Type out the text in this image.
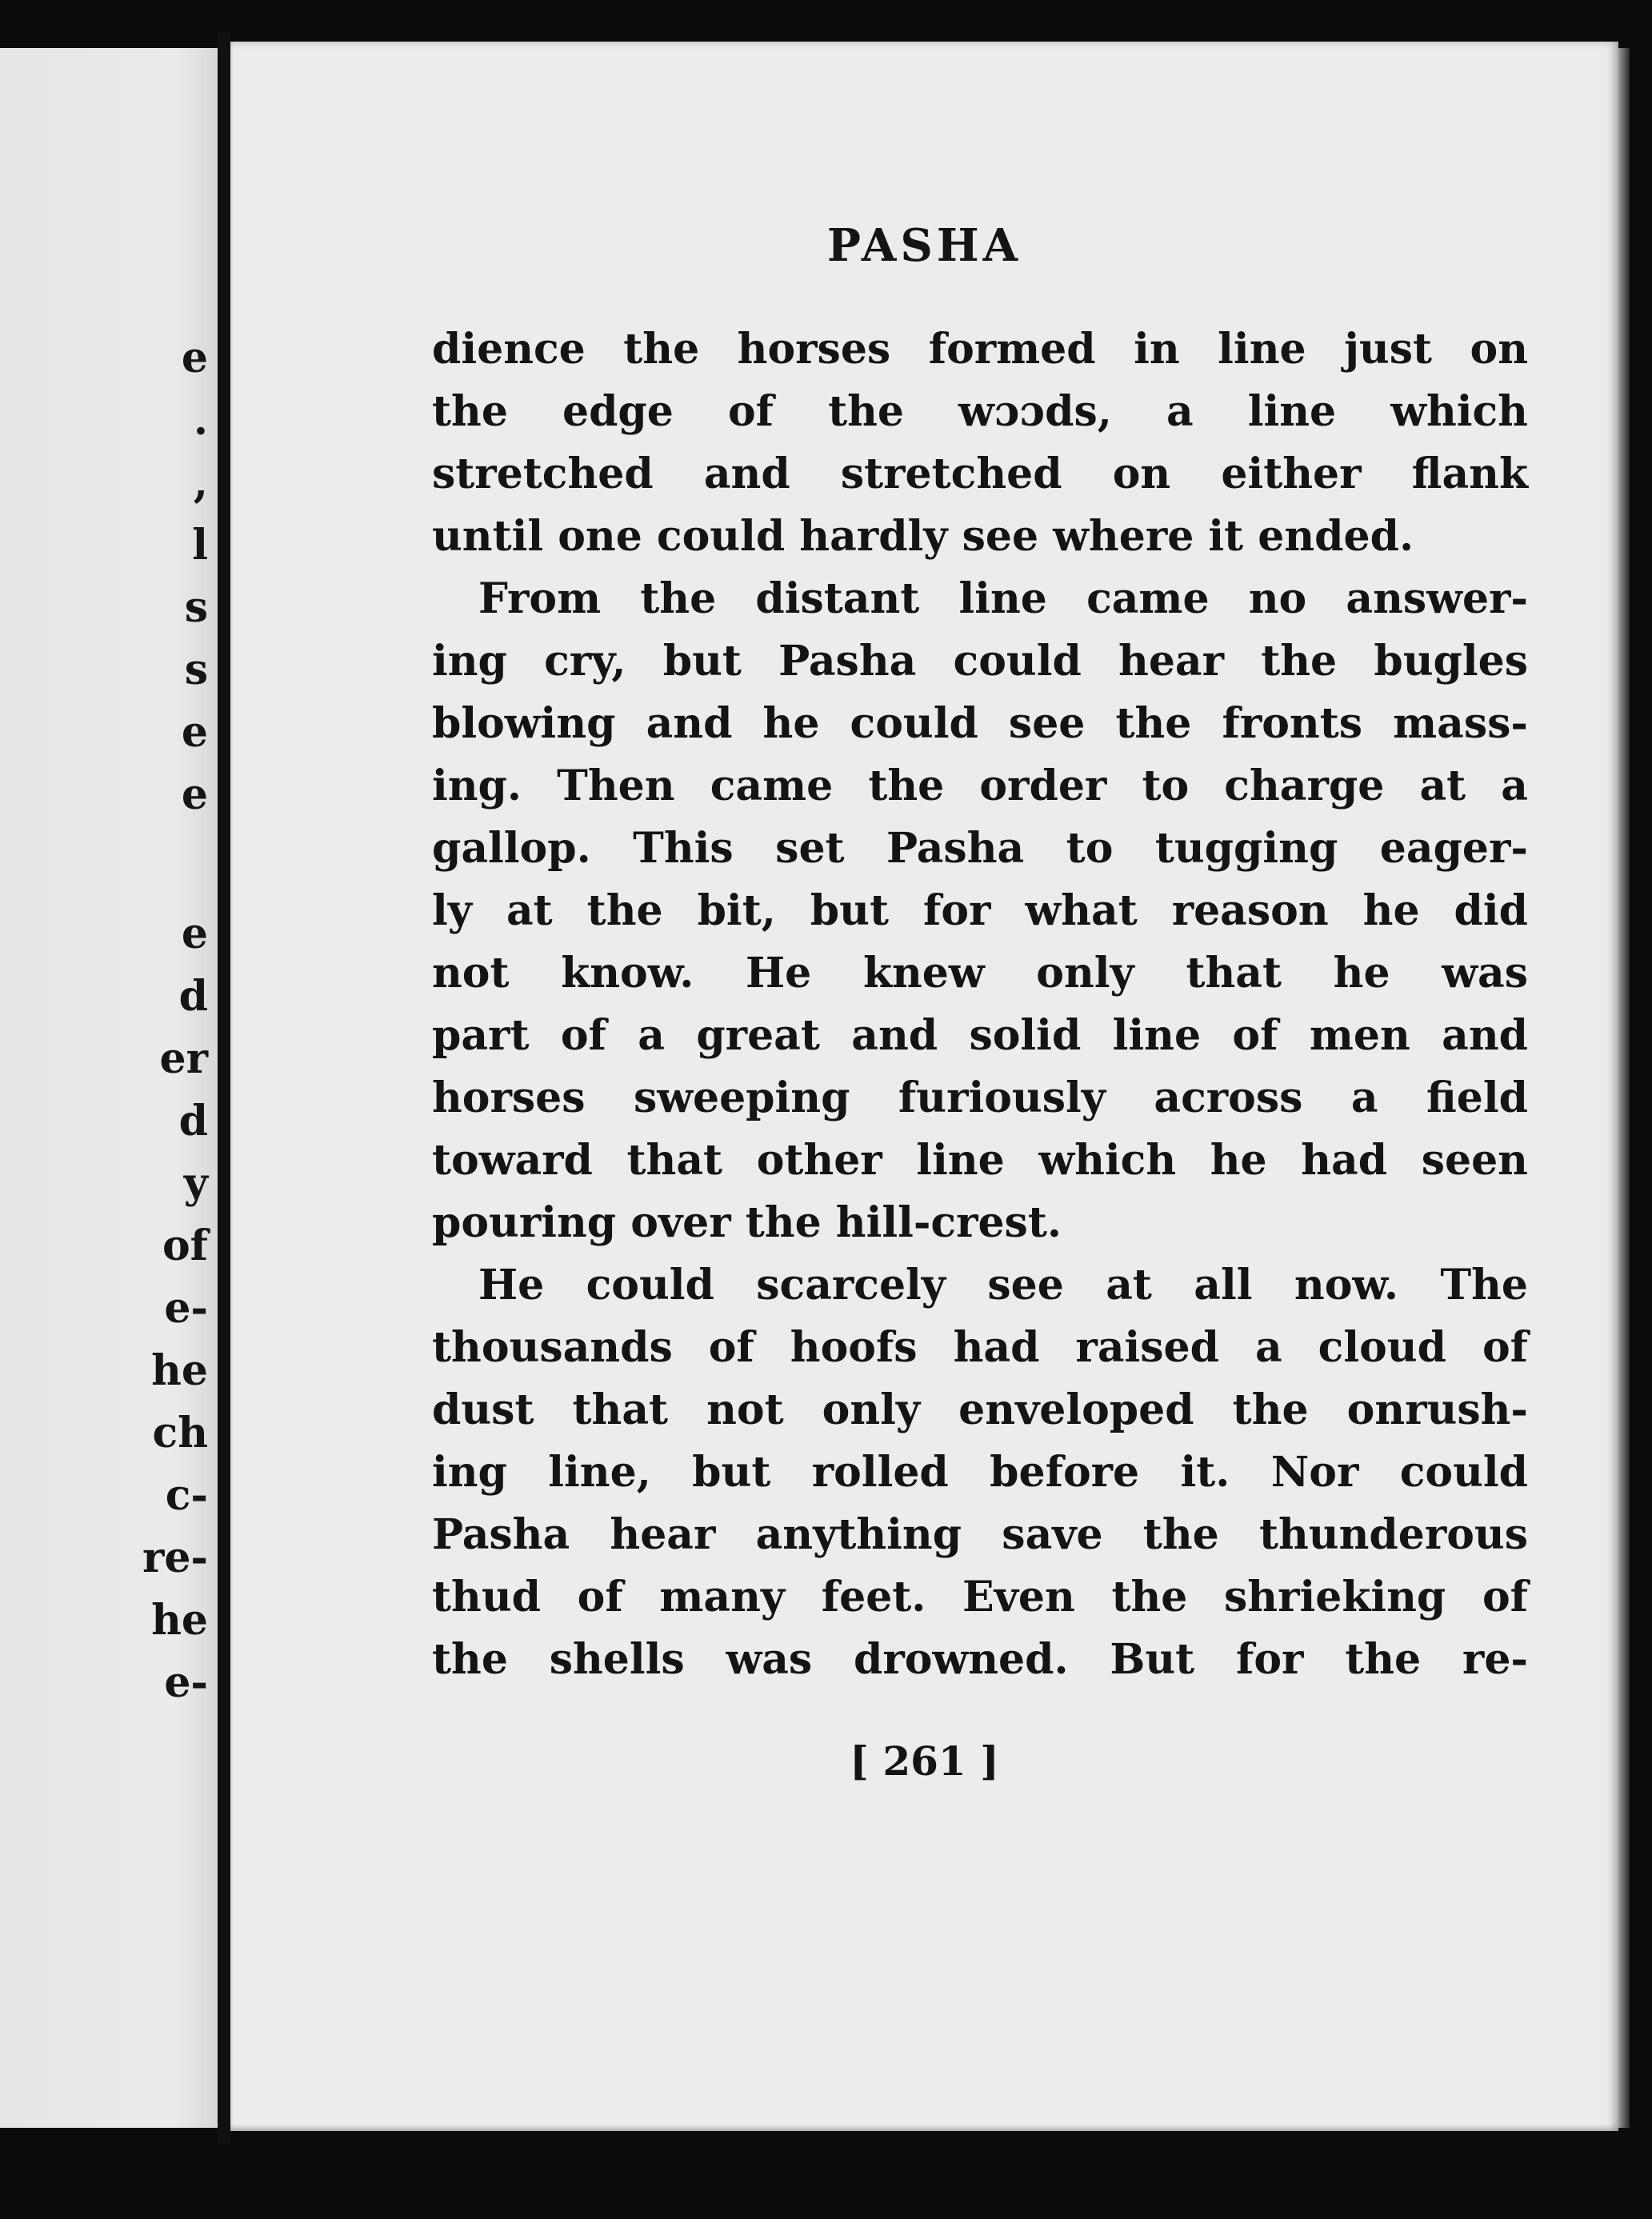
e
.
,
l
s
s
e
e
e
d
er
d
y
of
e-
he
ch
c-
re-
he
e-
PASHA
dience the horses formed in line just on
the edge of the wɔɔds, a line which
stretched and stretched on either flank
until one could hardly see where it ended.
From the distant line came no answer-
ing cry, but Pasha could hear the bugles
blowing and he could see the fronts mass-
ing. Then came the order to charge at a
gallop. This set Pasha to tugging eager-
ly at the bit, but for what reason he did
not know. He knew only that he was
part of a great and solid line of men and
horses sweeping furiously across a field
toward that other line which he had seen
pouring over the hill-crest.
He could scarcely see at all now. The
thousands of hoofs had raised a cloud of
dust that not only enveloped the onrush-
ing line, but rolled before it. Nor could
Pasha hear anything save the thunderous
thud of many feet. Even the shrieking of
the shells was drowned. But for the re-
[ 261 ]
